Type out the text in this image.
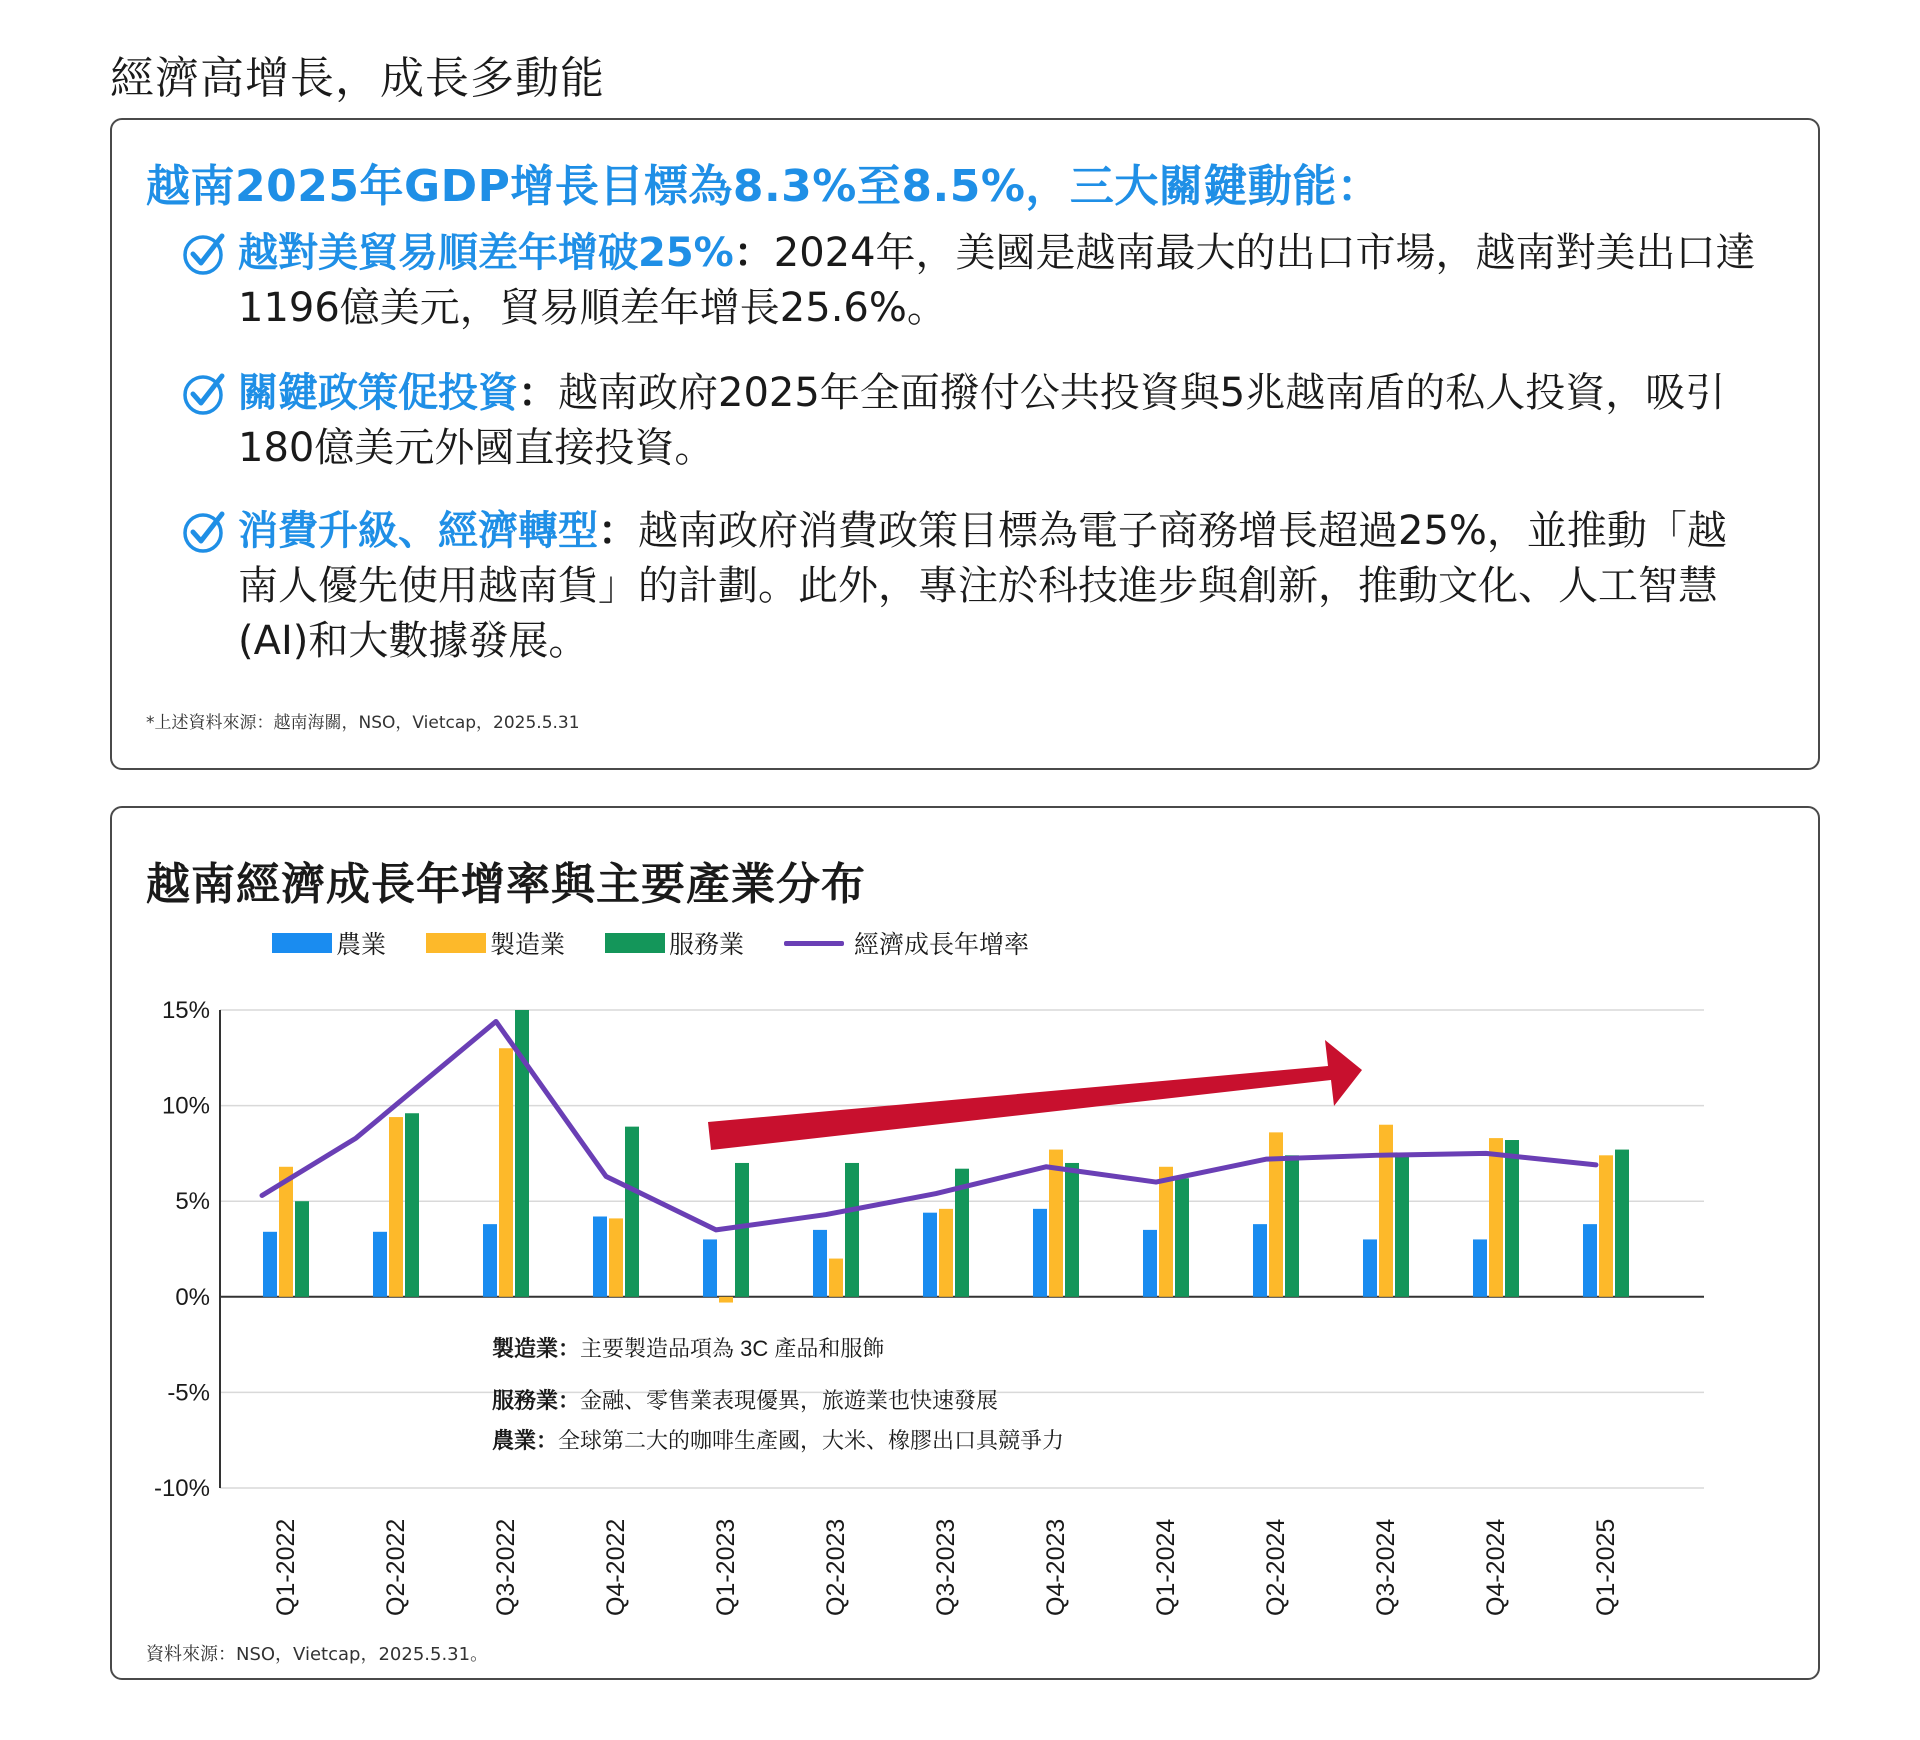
經濟高增長，成長多動能
越南2025年GDP增長目標為8.3%至8.5%，三大關鍵動能：
越對美貿易順差年增破25%：2024年，美國是越南最大的出口市場，越南對美出口達1196億美元，貿易順差年增長25.6%。
關鍵政策促投資：越南政府2025年全面撥付公共投資與5兆越南盾的私人投資，吸引180億美元外國直接投資。
消費升級、經濟轉型：越南政府消費政策目標為電子商務增長超過25%，並推動「越南人優先使用越南貨」的計劃。此外，專注於科技進步與創新，推動文化、人工智慧(AI)和大數據發展。
*上述資料來源：越南海關，NSO，Vietcap，2025.5.31
越南經濟成長年增率與主要產業分布
農業	製造業	服務業	經濟成長年增率
15%
10%
5%
0%
-5%
-10%
Q1-2022	Q2-2022	Q3-2022	Q4-2022	Q1-2023	Q2-2023	Q3-2023	Q4-2023	Q1-2024	Q2-2024	Q3-2024	Q4-2024	Q1-2025
製造業：主要製造品項為 3C 產品和服飾
服務業：金融、零售業表現優異，旅遊業也快速發展
農業：全球第二大的咖啡生產國，大米、橡膠出口具競爭力
資料來源：NSO，Vietcap，2025.5.31。
